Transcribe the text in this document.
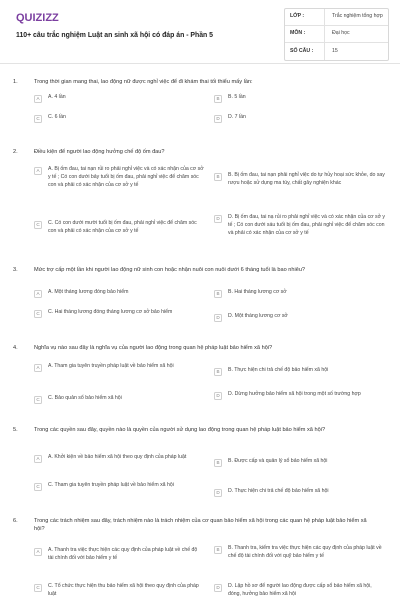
QUIZIZZ
110+ câu trắc nghiệm Luật an sinh xã hội có đáp án - Phần 5
LỚP :	Trắc nghiệm tổng hợp
MÔN :	Đại học
SỐ CÂU :	15
1.	Trong thời gian mang thai, lao động nữ được nghỉ việc để đi khám thai tối thiểu mấy lần:
A	A. 4 lần	B	B. 5 lần
C	C. 6 lần	D	D. 7 lần
2.	Điều kiện để người lao động hưởng chế độ ốm đau?
A	A. Bị ốm đau, tai nạn rủi ro phải nghỉ việc và có xác nhận của cơ sở y tế ; Có con dưới bảy tuổi bị ốm đau, phải nghỉ việc để chăm sóc con và phải có xác nhận của cơ sở y tế
B	B. Bị ốm đau, tai nạn phải nghỉ việc do tự hủy hoại sức khỏe, do say rượu hoặc sử dụng ma túy, chất gây nghiện khác
C	C. Có con dưới mười tuổi bị ốm đau, phải nghỉ việc để chăm sóc con và phải có xác nhận của cơ sở y tế
D	D. Bị ốm đau, tai nạ rủi ro phải nghỉ việc và có xác nhận của cơ sở y tế ; Có con dưới sáu tuổi bị ốm đau, phải nghỉ việc để chăm sóc con và phải có xác nhận của cơ sở y tế
3.	Mức trợ cấp một lần khi người lao động nữ sinh con hoặc nhận nuôi con nuôi dưới 6 tháng tuổi là bao nhiêu?
A	A. Một tháng lương đóng bảo hiểm	B	B. Hai tháng lương cơ sở
C	C. Hai tháng lương đóng tháng lương cơ sở bảo hiểm
D	D. Một tháng lương cơ sở
4.	Nghĩa vụ nào sau đây là nghĩa vụ của người lao động trong quan hệ pháp luật bảo hiểm xã hội?
A	A. Tham gia tuyên truyền pháp luật về bảo hiểm xã hội
B	B. Thực hiện chi trả chế độ bảo hiểm xã hội
C	C. Bảo quản sổ bảo hiểm xã hội	D	D. Dừng hưởng bảo hiểm xã hội trong một số trường hợp
5.	Trong các quyền sau đây, quyền nào là quyền của người sử dụng lao động trong quan hệ pháp luật bảo hiểm xã hội?
A	A. Khởi kiện về bảo hiểm xã hội theo quy định của pháp luật
B	B. Được cấp và quản lý sổ bảo hiểm xã hội
C	C. Tham gia tuyên truyền pháp luật về bảo hiểm xã hội
D	D. Thực hiện chi trả chế độ bảo hiểm xã hội
6.	Trong các trách nhiệm sau đây, trách nhiệm nào là trách nhiệm của cơ quan bảo hiểm xã hội trong các quan hệ pháp luật bảo hiểm xã hội?
A	A. Thanh tra việc thực hiện các quy định của pháp luật về chế độ tài chính đối với bảo hiểm y tế
B	B. Thanh tra, kiểm tra việc thực hiện các quy định của pháp luật về chế độ tài chính đối với quỹ bảo hiểm y tế
C	C. Tổ chức thực hiện thu bảo hiểm xã hội theo quy định của pháp luật
D	D. Lập hồ sơ để người lao động được cấp sổ bảo hiểm xã hội, đóng, hưởng bảo hiểm xã hội
